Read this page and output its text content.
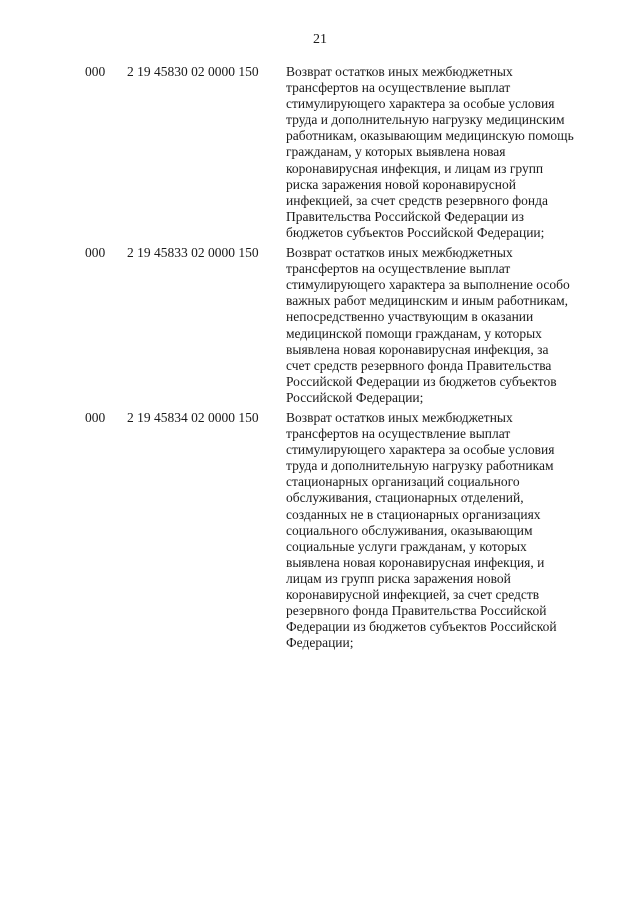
21
000	2 19 45830 02 0000 150	Возврат остатков иных межбюджетных
трансфертов на осуществление выплат
стимулирующего характера за особые условия
труда и дополнительную нагрузку медицинским
работникам, оказывающим медицинскую помощь
гражданам, у которых выявлена новая
коронавирусная инфекция, и лицам из групп
риска заражения новой коронавирусной
инфекцией, за счет средств резервного фонда
Правительства Российской Федерации из
бюджетов субъектов Российской Федерации;
000	2 19 45833 02 0000 150	Возврат остатков иных межбюджетных
трансфертов на осуществление выплат
стимулирующего характера за выполнение особо
важных работ медицинским и иным работникам,
непосредственно участвующим в оказании
медицинской помощи гражданам, у которых
выявлена новая коронавирусная инфекция, за
счет средств резервного фонда Правительства
Российской Федерации из бюджетов субъектов
Российской Федерации;
000	2 19 45834 02 0000 150	Возврат остатков иных межбюджетных
трансфертов на осуществление выплат
стимулирующего характера за особые условия
труда и дополнительную нагрузку работникам
стационарных организаций социального
обслуживания, стационарных отделений,
созданных не в стационарных организациях
социального обслуживания, оказывающим
социальные услуги гражданам, у которых
выявлена новая коронавирусная инфекция, и
лицам из групп риска заражения новой
коронавирусной инфекцией, за счет средств
резервного фонда Правительства Российской
Федерации из бюджетов субъектов Российской
Федерации;
